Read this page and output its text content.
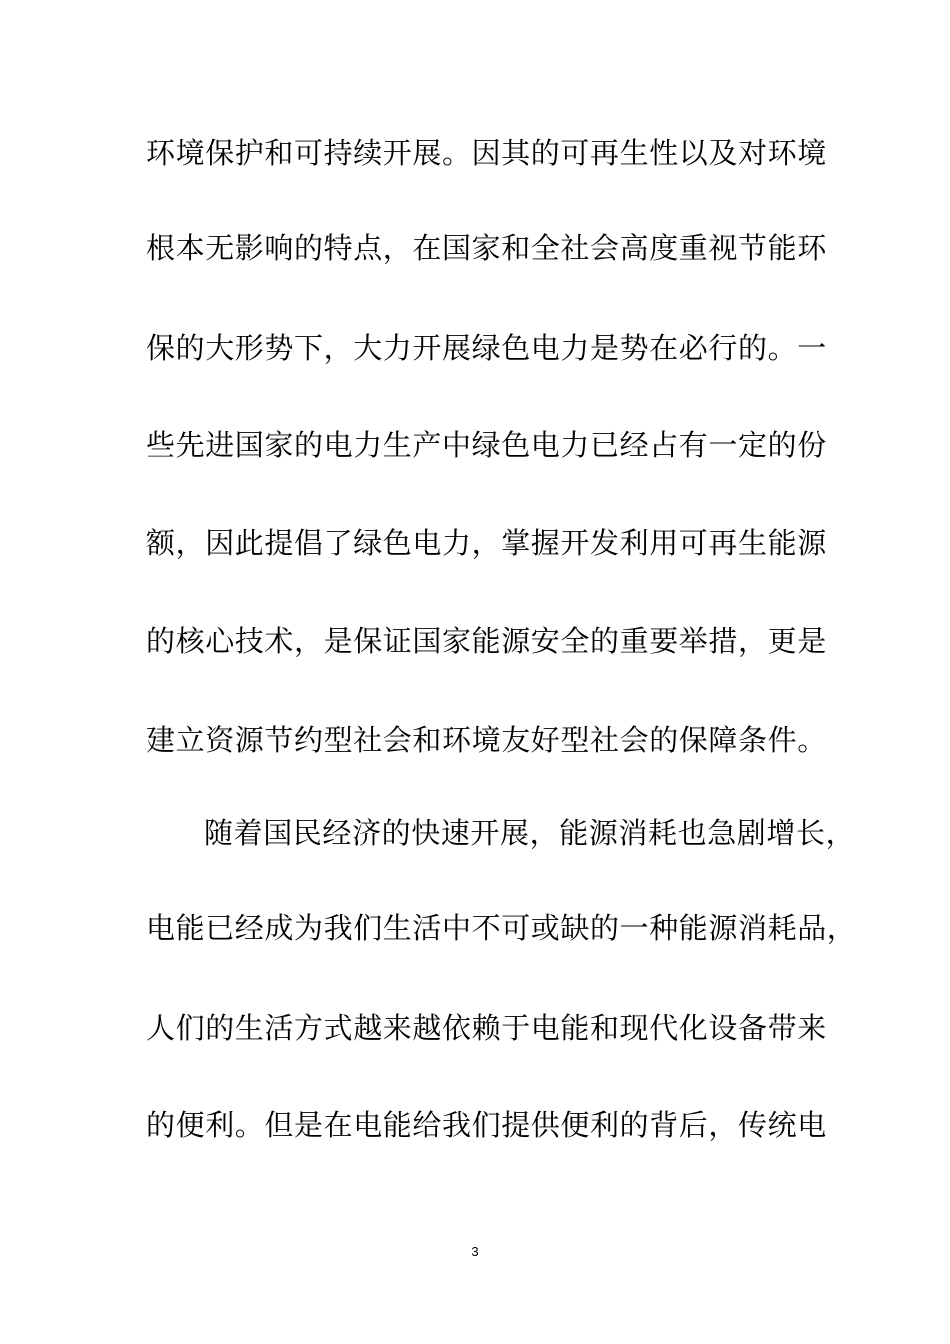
环境保护和可持续开展。因其的可再生性以及对环境
根本无影响的特点，在国家和全社会高度重视节能环
保的大形势下，大力开展绿色电力是势在必行的。一
些先进国家的电力生产中绿色电力已经占有一定的份
额，因此提倡了绿色电力，掌握开发利用可再生能源
的核心技术，是保证国家能源安全的重要举措，更是
建立资源节约型社会和环境友好型社会的保障条件。
随着国民经济的快速开展，能源消耗也急剧增长，
电能已经成为我们生活中不可或缺的一种能源消耗品，
人们的生活方式越来越依赖于电能和现代化设备带来
的便利。但是在电能给我们提供便利的背后，传统电
3
